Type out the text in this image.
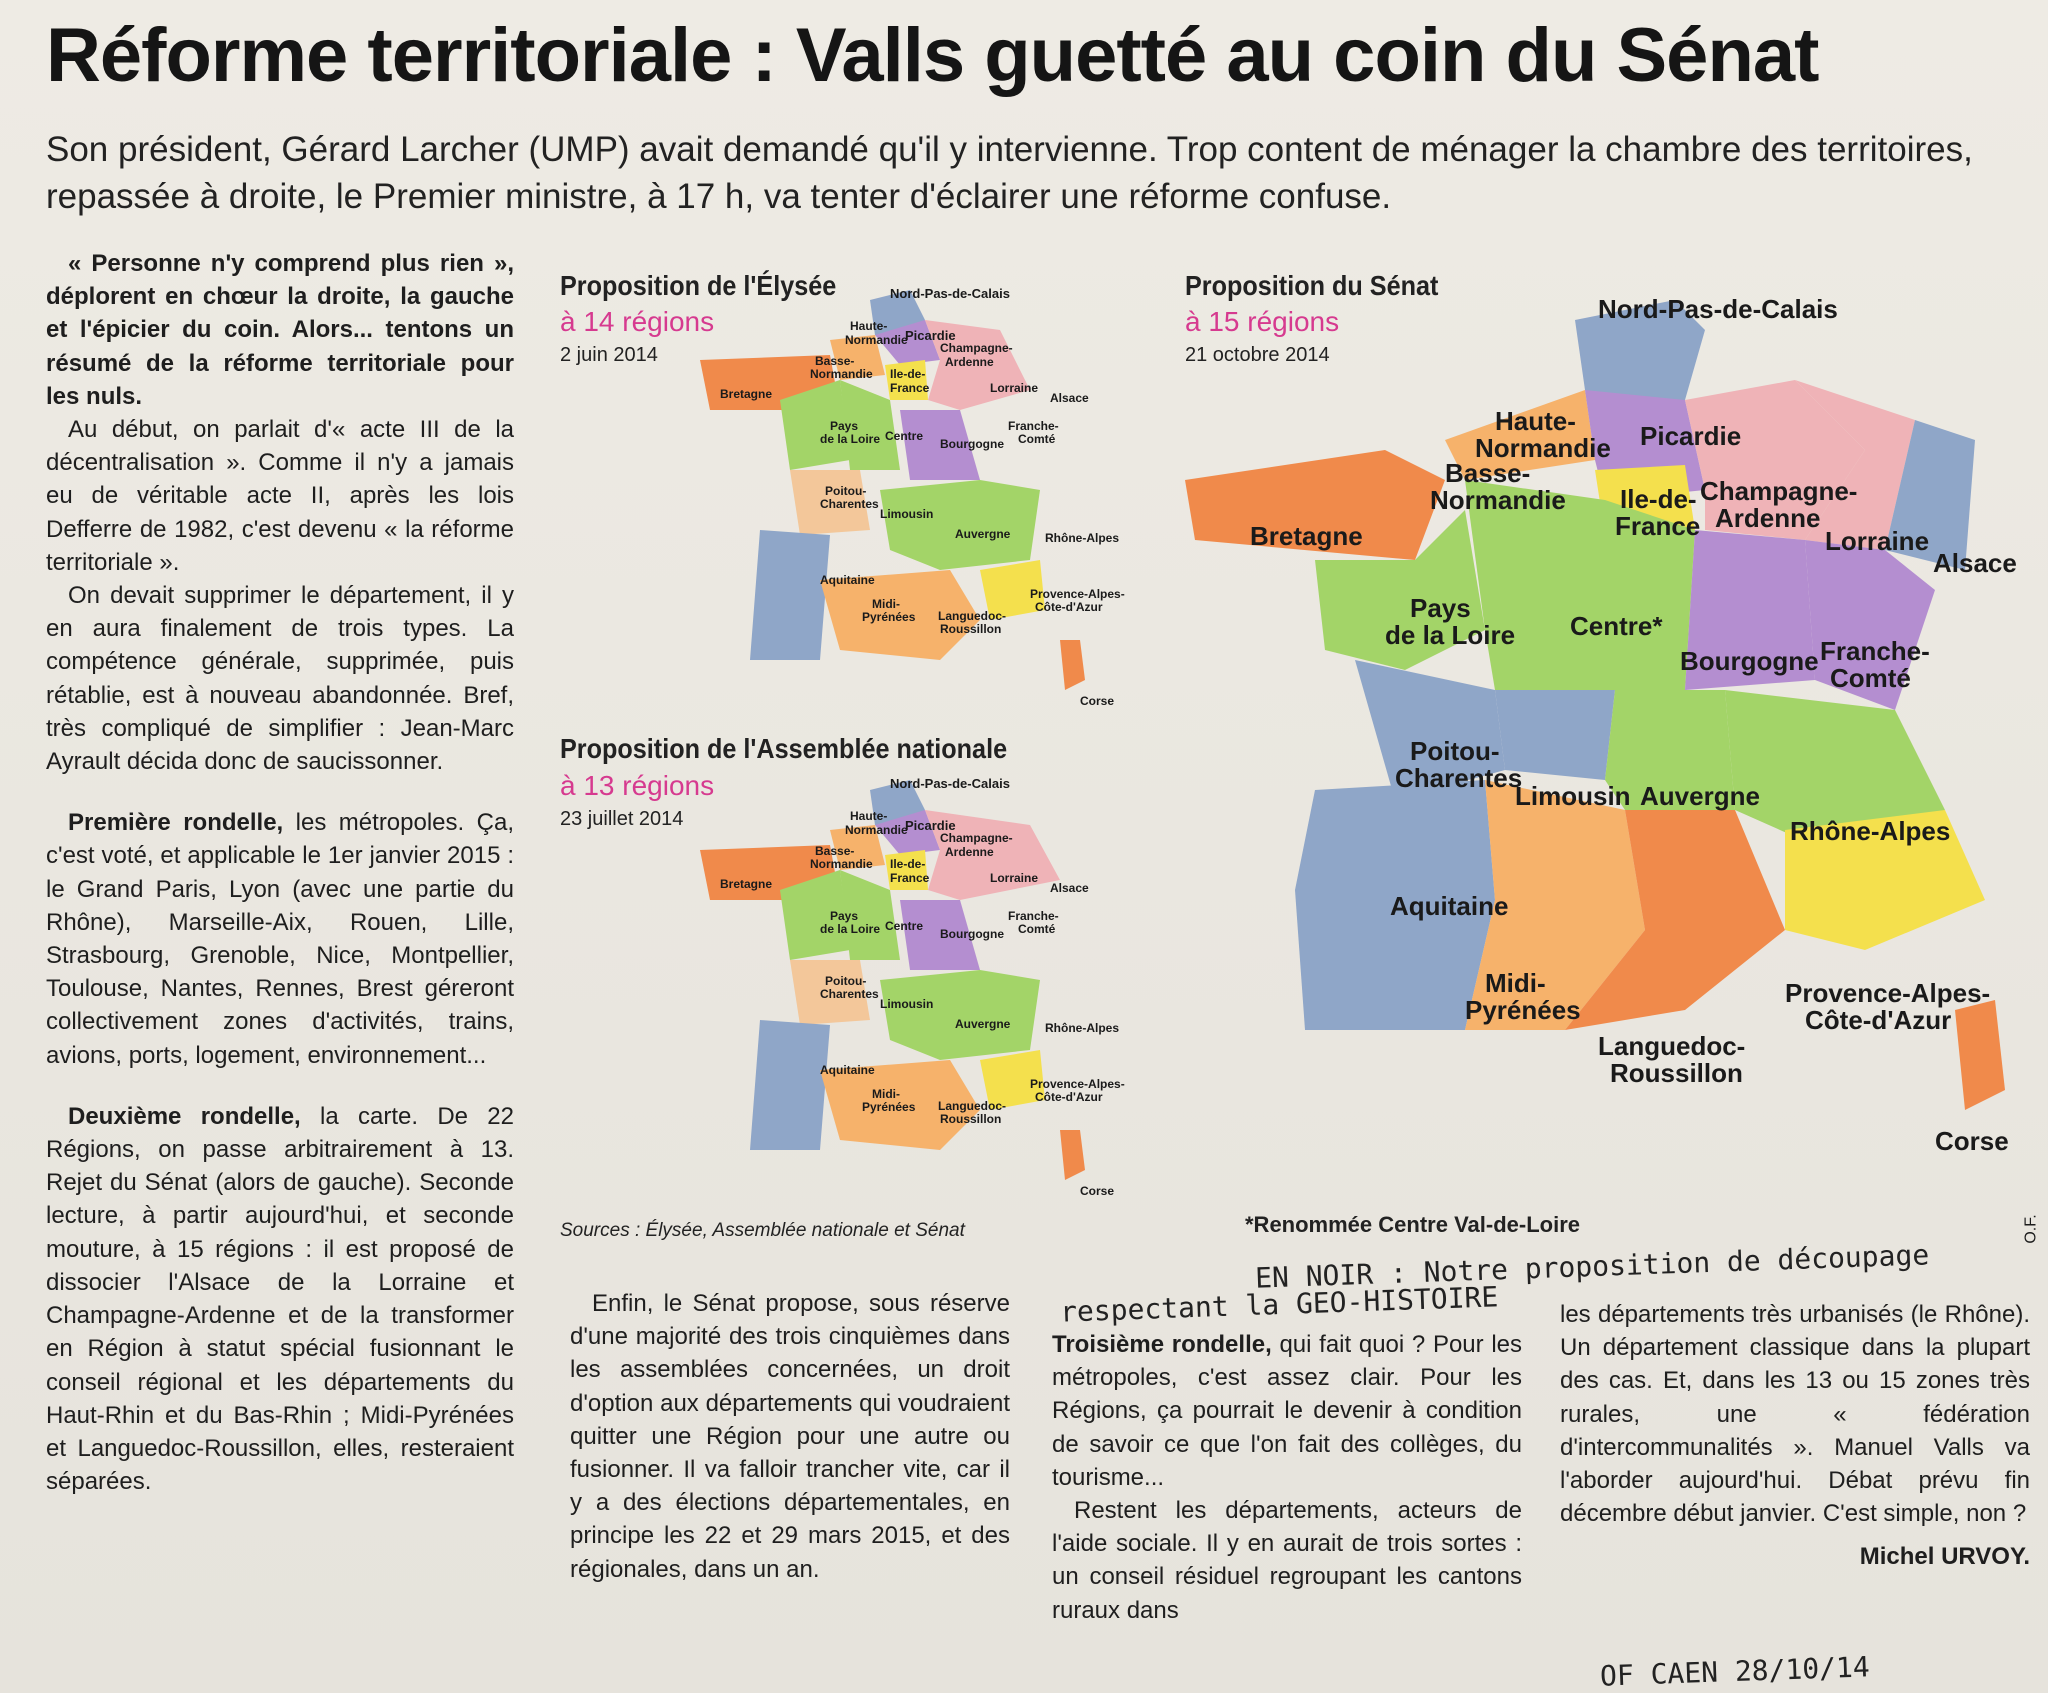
Réforme territoriale : Valls guetté au coin du Sénat
Son président, Gérard Larcher (UMP) avait demandé qu'il y intervienne. Trop content de ménager la chambre des territoires, repassée à droite, le Premier ministre, à 17 h, va tenter d'éclairer une réforme confuse.

« Personne n'y comprend plus rien », déplorent en chœur la droite, la gauche et l'épicier du coin. Alors... tentons un résumé de la réforme territoriale pour les nuls.

Au début, on parlait d'« acte III de la décentralisation ». Comme il n'y a jamais eu de véritable acte II, après les lois Defferre de 1982, c'est devenu « la réforme territoriale ».

On devait supprimer le département, il y en aura finalement de trois types. La compétence générale, supprimée, puis rétablie, est à nouveau abandonnée. Bref, très compliqué de simplifier : Jean-Marc Ayrault décida donc de saucissonner.

Première rondelle, les métropoles. Ça, c'est voté, et applicable le 1er janvier 2015 : le Grand Paris, Lyon (avec une partie du Rhône), Marseille-Aix, Rouen, Lille, Strasbourg, Grenoble, Nice, Montpellier, Toulouse, Nantes, Rennes, Brest géreront collectivement zones d'activités, trains, avions, ports, logement, environnement...

Deuxième rondelle, la carte. De 22 Régions, on passe arbitrairement à 13. Rejet du Sénat (alors de gauche). Seconde lecture, à partir aujourd'hui, et seconde mouture, à 15 régions : il est proposé de dissocier l'Alsace de la Lorraine et Champagne-Ardenne et de la transformer en Région à statut spécial fusionnant le conseil régional et les départements du Haut-Rhin et du Bas-Rhin ; Midi-Pyrénées et Languedoc-Roussillon, elles, resteraient séparées.

Enfin, le Sénat propose, sous réserve d'une majorité des trois cinquièmes dans les assemblées concernées, un droit d'option aux départements qui voudraient quitter une Région pour une autre ou fusionner. Il va falloir trancher vite, car il y a des élections départementales, en principe les 22 et 29 mars 2015, et des régionales, dans un an.

Troisième rondelle, qui fait quoi ? Pour les métropoles, c'est assez clair. Pour les Régions, ça pourrait le devenir à condition de savoir ce que l'on fait des collèges, du tourisme...

Restent les départements, acteurs de l'aide sociale. Il y en aurait de trois sortes : un conseil résiduel regroupant les cantons ruraux dans

les départements très urbanisés (le Rhône). Un département classique dans la plupart des cas. Et, dans les 13 ou 15 zones très rurales, une « fédération d'intercommunalités ». Manuel Valls va l'aborder aujourd'hui. Débat prévu fin décembre début janvier. C'est simple, non ?

Michel URVOY.
Proposition de l'Élysée
à 14 régions
2 juin 2014
Proposition du Sénat
à 15 régions
21 octobre 2014
Proposition de l'Assemblée nationale
à 13 régions
23 juillet 2014
Nord-Pas-de-Calais
Haute-
Normandie
Picardie
Basse-
Normandie Ile-de-
France
Champagne-
Ardenne
Lorraine
Alsace
Bretagne
Pays
de la Loire Centre
Bourgogne
Franche-
Comté
Poitou-
Charentes
Limousin
Auvergne	Rhône-Alpes
Aquitaine
Midi-
Pyrénées Languedoc-
Roussillon
Provence-Alpes-
Côte-d'Azur
Corse
Nord-Pas-de-Calais
Haute-
Normandie
Picardie
Basse-
Normandie Ile-de-
France
Champagne-
Ardenne
Lorraine
Alsace
Bretagne
Pays
de la Loire Centre
Bourgogne
Franche-
Comté
Poitou-
Charentes
Limousin
Auvergne	Rhône-Alpes
Aquitaine
Midi-
Pyrénées Languedoc-
Roussillon
Provence-Alpes-
Côte-d'Azur
Corse
Nord-Pas-de-Calais
Haute-
Normandie Picardie
Basse-
Normandie Ile-de-
France
Champagne-
Ardenne
Lorraine
Alsace
Bretagne
Pays
de la Loire Centre*
Bourgogne Franche-
Comté
Poitou-
Charentes
Limousin Auvergne
Rhône-Alpes
Aquitaine
Midi-
Pyrénées
Languedoc-
Roussillon
Provence-Alpes-
Côte-d'Azur
Corse
Sources : Élysée, Assemblée nationale et Sénat	*Renommée Centre Val-de-Loire	O.F.
EN NOIR : Notre proposition de découpage
respectant la GEO-HISTOIRE
OF CAEN 28/10/14
